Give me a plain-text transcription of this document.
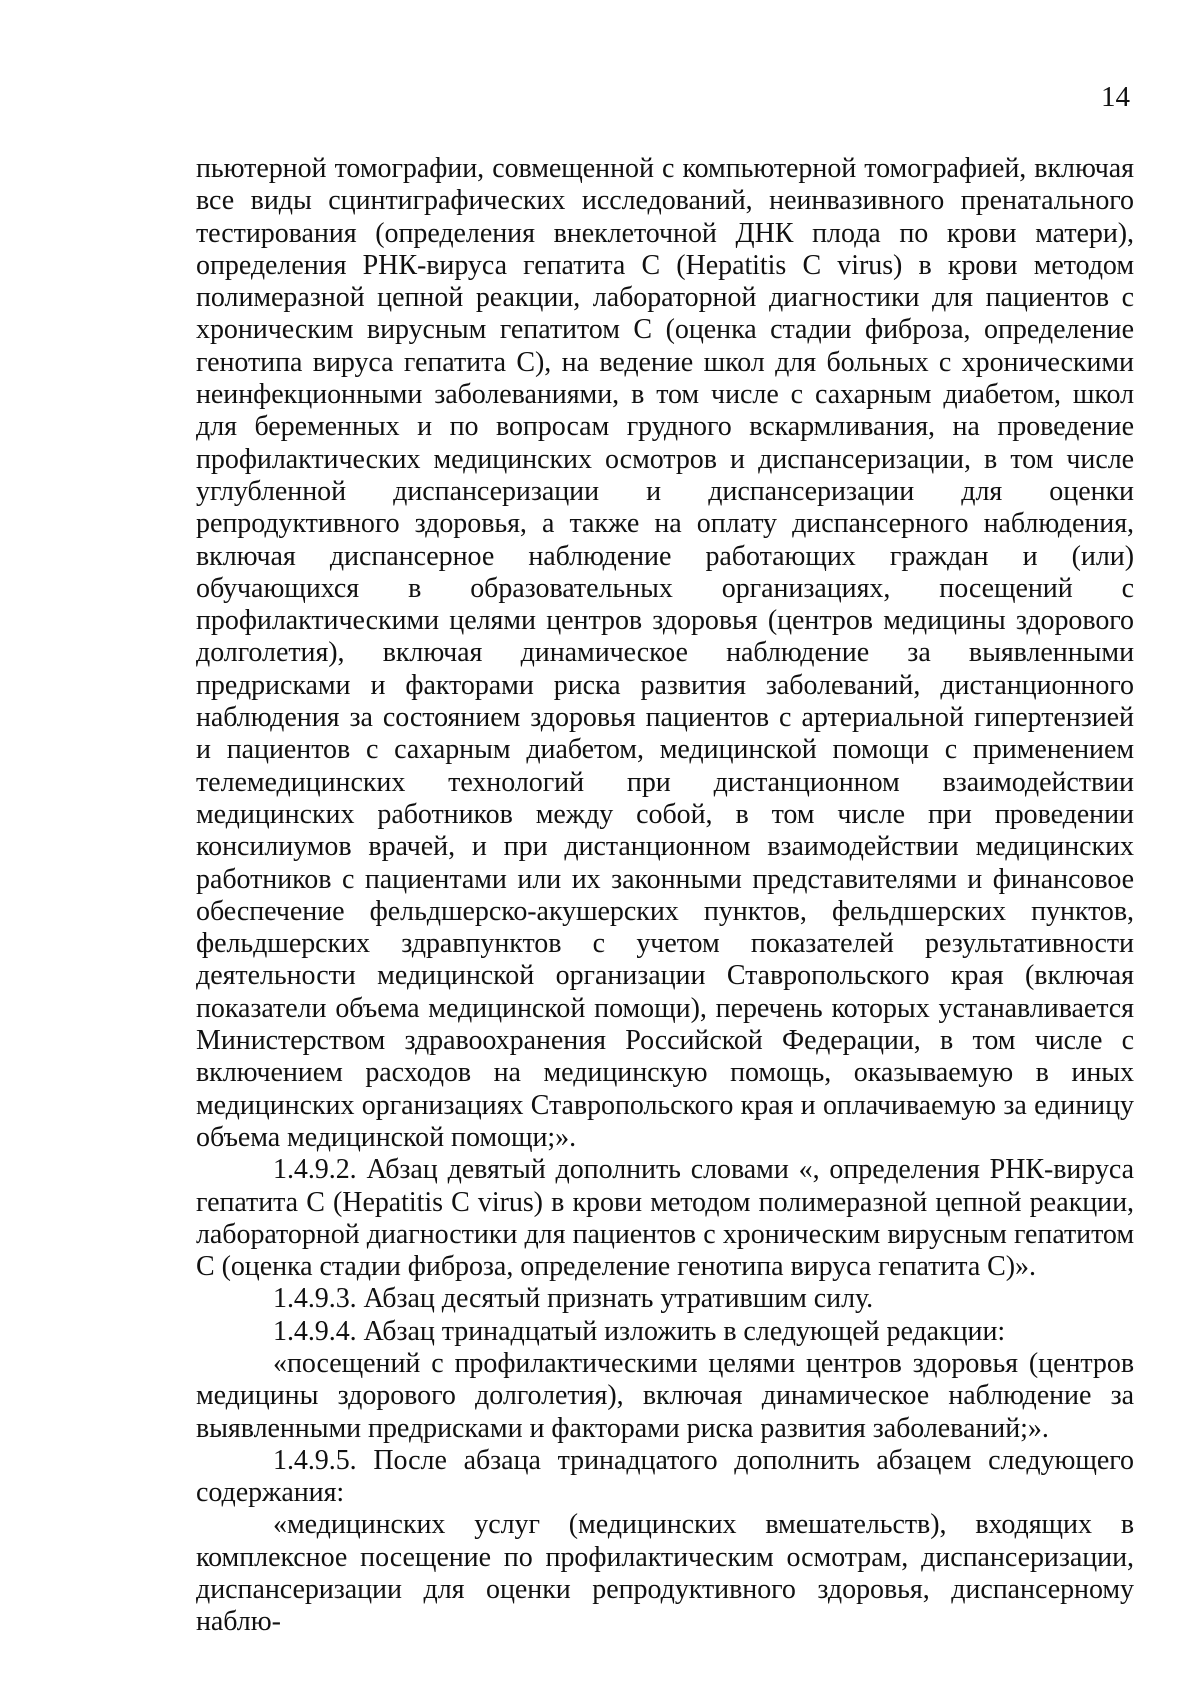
14

пьютерной томографии, совмещенной с компьютерной томографией, включая все виды сцинтиграфических исследований, неинвазивного пренатального тестирования (определения внеклеточной ДНК плода по крови матери), определения РНК-вируса гепатита С (Hepatitis C virus) в крови методом полимеразной цепной реакции, лабораторной диагностики для пациентов с хроническим вирусным гепатитом С (оценка стадии фиброза, определение генотипа вируса гепатита С), на ведение школ для больных с хроническими неинфекционными заболеваниями, в том числе с сахарным диабетом, школ для беременных и по вопросам грудного вскармливания, на проведение профилактических медицинских осмотров и диспансеризации, в том числе углубленной диспансеризации и диспансеризации для оценки репродуктивного здоровья, а также на оплату диспансерного наблюдения, включая диспансерное наблюдение работающих граждан и (или) обучающихся в образовательных организациях, посещений с профилактическими целями центров здоровья (центров медицины здорового долголетия), включая динамическое наблюдение за выявленными предрисками и факторами риска развития заболеваний, дистанционного наблюдения за состоянием здоровья пациентов с артериальной гипертензией и пациентов с сахарным диабетом, медицинской помощи с применением телемедицинских технологий при дистанционном взаимодействии медицинских работников между собой, в том числе при проведении консилиумов врачей, и при дистанционном взаимодействии медицинских работников с пациентами или их законными представителями и финансовое обеспечение фельдшерско-акушерских пунктов, фельдшерских пунктов, фельдшерских здравпунктов с учетом показателей результативности деятельности медицинской организации Ставропольского края (включая показатели объема медицинской помощи), перечень которых устанавливается Министерством здравоохранения Российской Федерации, в том числе с включением расходов на медицинскую помощь, оказываемую в иных медицинских организациях Ставропольского края и оплачиваемую за единицу объема медицинской помощи;».

1.4.9.2. Абзац девятый дополнить словами «, определения РНК-вируса гепатита С (Hepatitis C virus) в крови методом полимеразной цепной реакции, лабораторной диагностики для пациентов с хроническим вирусным гепатитом С (оценка стадии фиброза, определение генотипа вируса гепатита С)».

1.4.9.3. Абзац десятый признать утратившим силу.

1.4.9.4. Абзац тринадцатый изложить в следующей редакции:

«посещений с профилактическими целями центров здоровья (центров медицины здорового долголетия), включая динамическое наблюдение за выявленными предрисками и факторами риска развития заболеваний;».

1.4.9.5. После абзаца тринадцатого дополнить абзацем следующего содержания:

«медицинских услуг (медицинских вмешательств), входящих в комплексное посещение по профилактическим осмотрам, диспансеризации, диспансеризации для оценки репродуктивного здоровья, диспансерному наблю-
